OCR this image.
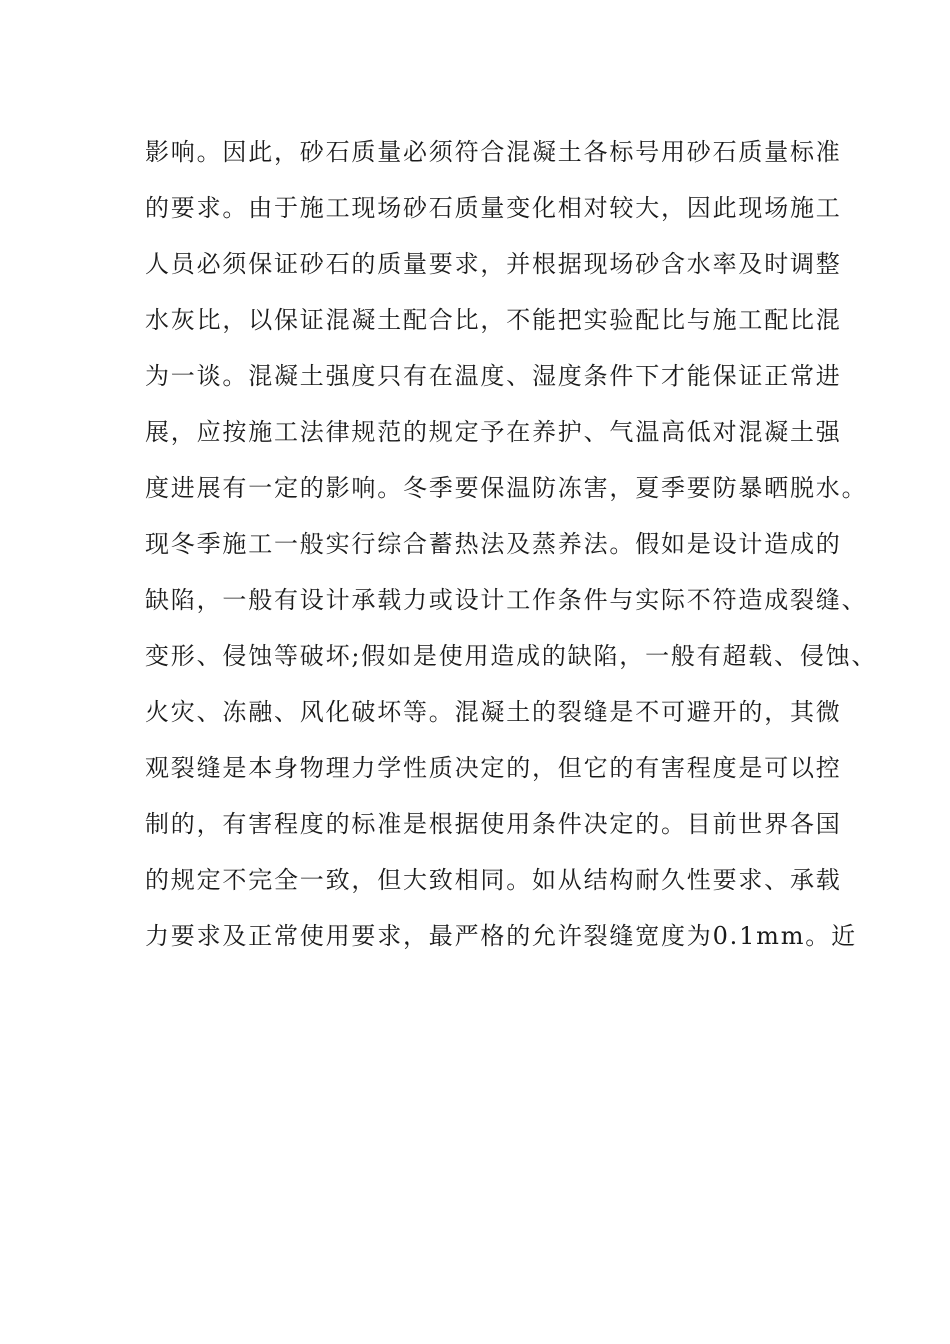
影响。因此，砂石质量必须符合混凝土各标号用砂石质量标准
的要求。由于施工现场砂石质量变化相对较大，因此现场施工
人员必须保证砂石的质量要求，并根据现场砂含水率及时调整
水灰比，以保证混凝土配合比，不能把实验配比与施工配比混
为一谈。混凝土强度只有在温度、湿度条件下才能保证正常进
展，应按施工法律规范的规定予在养护、气温高低对混凝土强
度进展有一定的影响。冬季要保温防冻害，夏季要防暴晒脱水。
现冬季施工一般实行综合蓄热法及蒸养法。假如是设计造成的
缺陷，一般有设计承载力或设计工作条件与实际不符造成裂缝、
变形、侵蚀等破坏;假如是使用造成的缺陷，一般有超载、侵蚀、
火灾、冻融、风化破坏等。混凝土的裂缝是不可避开的，其微
观裂缝是本身物理力学性质决定的，但它的有害程度是可以控
制的，有害程度的标准是根据使用条件决定的。目前世界各国
的规定不完全一致，但大致相同。如从结构耐久性要求、承载
力要求及正常使用要求，最严格的允许裂缝宽度为0.1mm。近
